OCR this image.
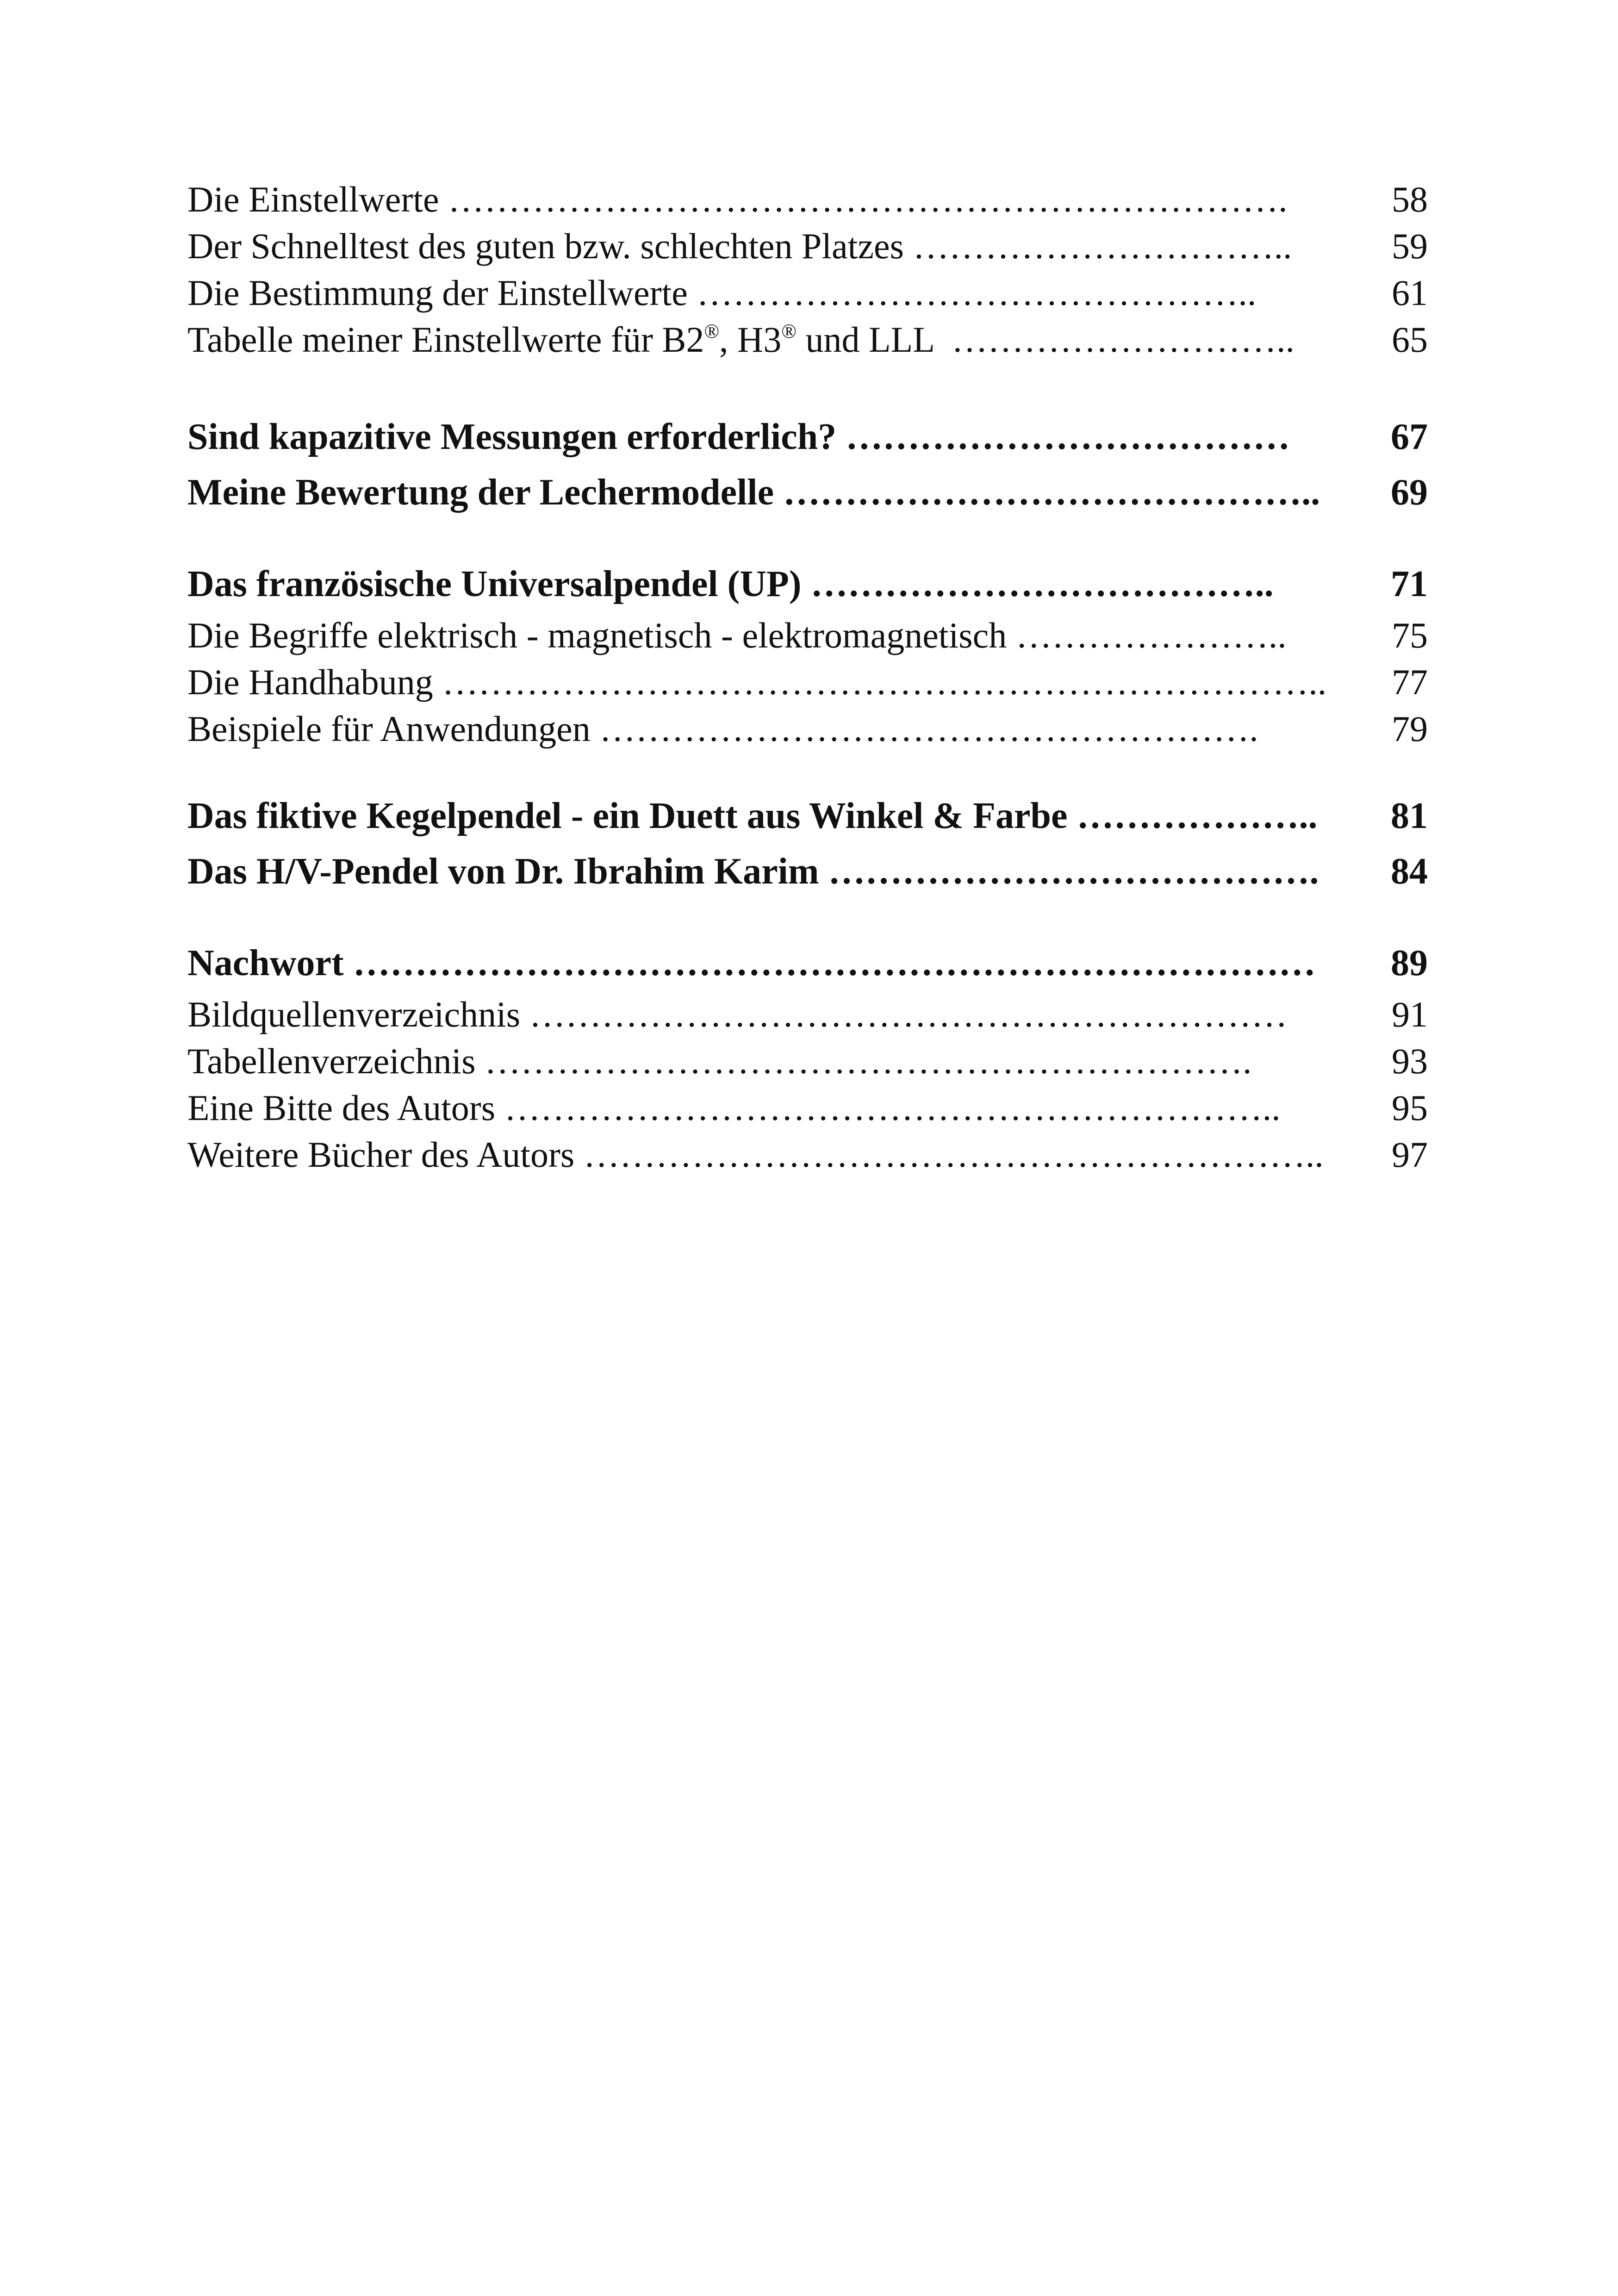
Die Einstellwerte …………………………………………………………….	58
Der Schnelltest des guten bzw. schlechten Platzes …………………………..	59
Die Bestimmung der Einstellwerte ………………………………………..	61
Tabelle meiner Einstellwerte für B2®, H3® und LLL  ……………………….. 65
Sind kapazitive Messungen erforderlich? ……………………………… 67
Meine Bewertung der Lechermodelle …………………………………….. 69
Das französische Universalpendel (UP) ………………………………..	71
Die Begriffe elektrisch - magnetisch - elektromagnetisch …………………..	75
Die Handhabung ……………………………………………………………….. 77
Beispiele für Anwendungen ……………………………………………….	79
Das fiktive Kegelpendel - ein Duett aus Winkel & Farbe ……………….. 81
Das H/V-Pendel von Dr. Ibrahim Karim …………………………………. 84
Nachwort …………………………………………………………………… 89
Bildquellenverzeichnis ………………………………………………………	91
Tabellenverzeichnis ……………………………………………………….	93
Eine Bitte des Autors ………………………………………………………..	95
Weitere Bücher des Autors …………………………………………………….. 97
